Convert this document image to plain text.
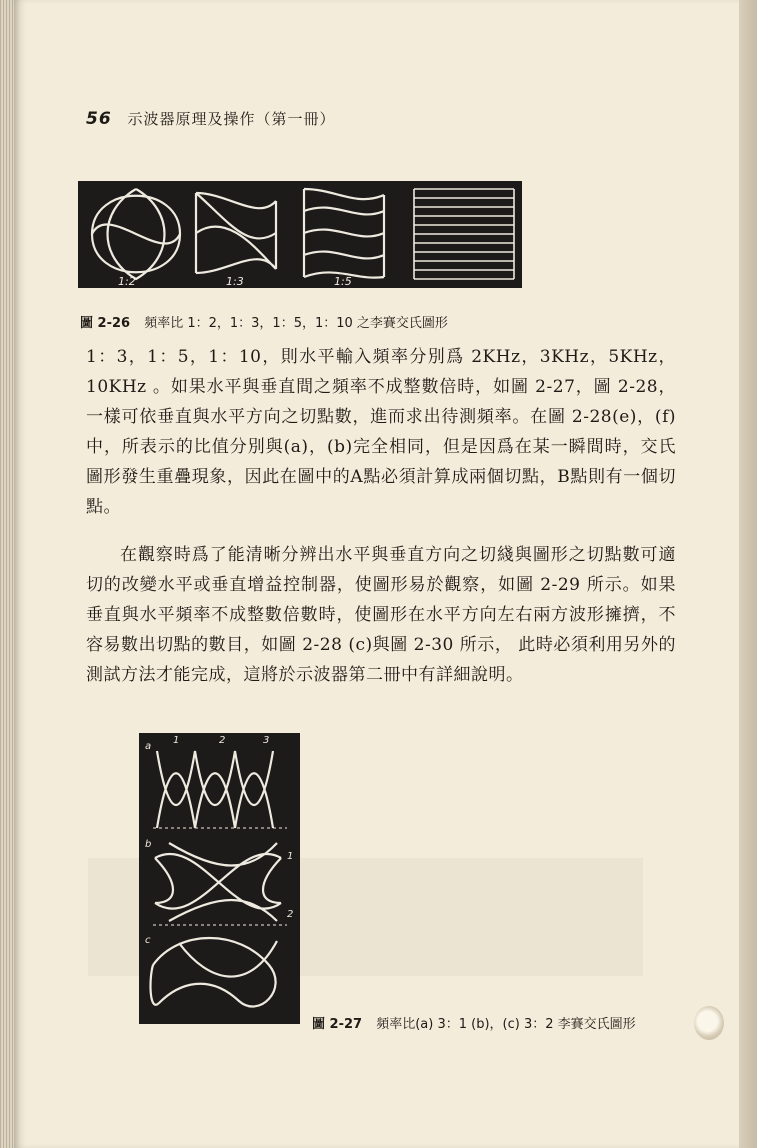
56 示波器原理及操作（第一冊）
1:2	1:3	1:5
圖 2-26 頻率比 1：2，1：3，1：5，1：10 之李賽交氏圖形

1：3，1：5，1：10，則水平輸入頻率分別爲 2KHz，3KHz，5KHz，10KHz 。如果水平與垂直間之頻率不成整數倍時，如圖 2-27，圖 2-28， 一樣可依垂直與水平方向之切點數，進而求出待測頻率。在圖 2-28(e)，(f) 中，所表示的比值分別與(a)，(b)完全相同，但是因爲在某一瞬間時，交氏圖形發生重疊現象，因此在圖中的A點必須計算成兩個切點，B點則有一個切點。

在觀察時爲了能清晰分辨出水平與垂直方向之切綫與圖形之切點數可適切的改變水平或垂直增益控制器，使圖形易於觀察，如圖 2-29 所示。如果垂直與水平頻率不成整數倍數時，使圖形在水平方向左右兩方波形擁擠，不容易數出切點的數目，如圖 2-28 (c)與圖 2-30 所示， 此時必須利用另外的測試方法才能完成，這將於示波器第二冊中有詳細說明。

a
b
c
1	2	3
1
2
圖 2-27 頻率比(a) 3：1 (b)，(c) 3：2 李賽交氏圖形
